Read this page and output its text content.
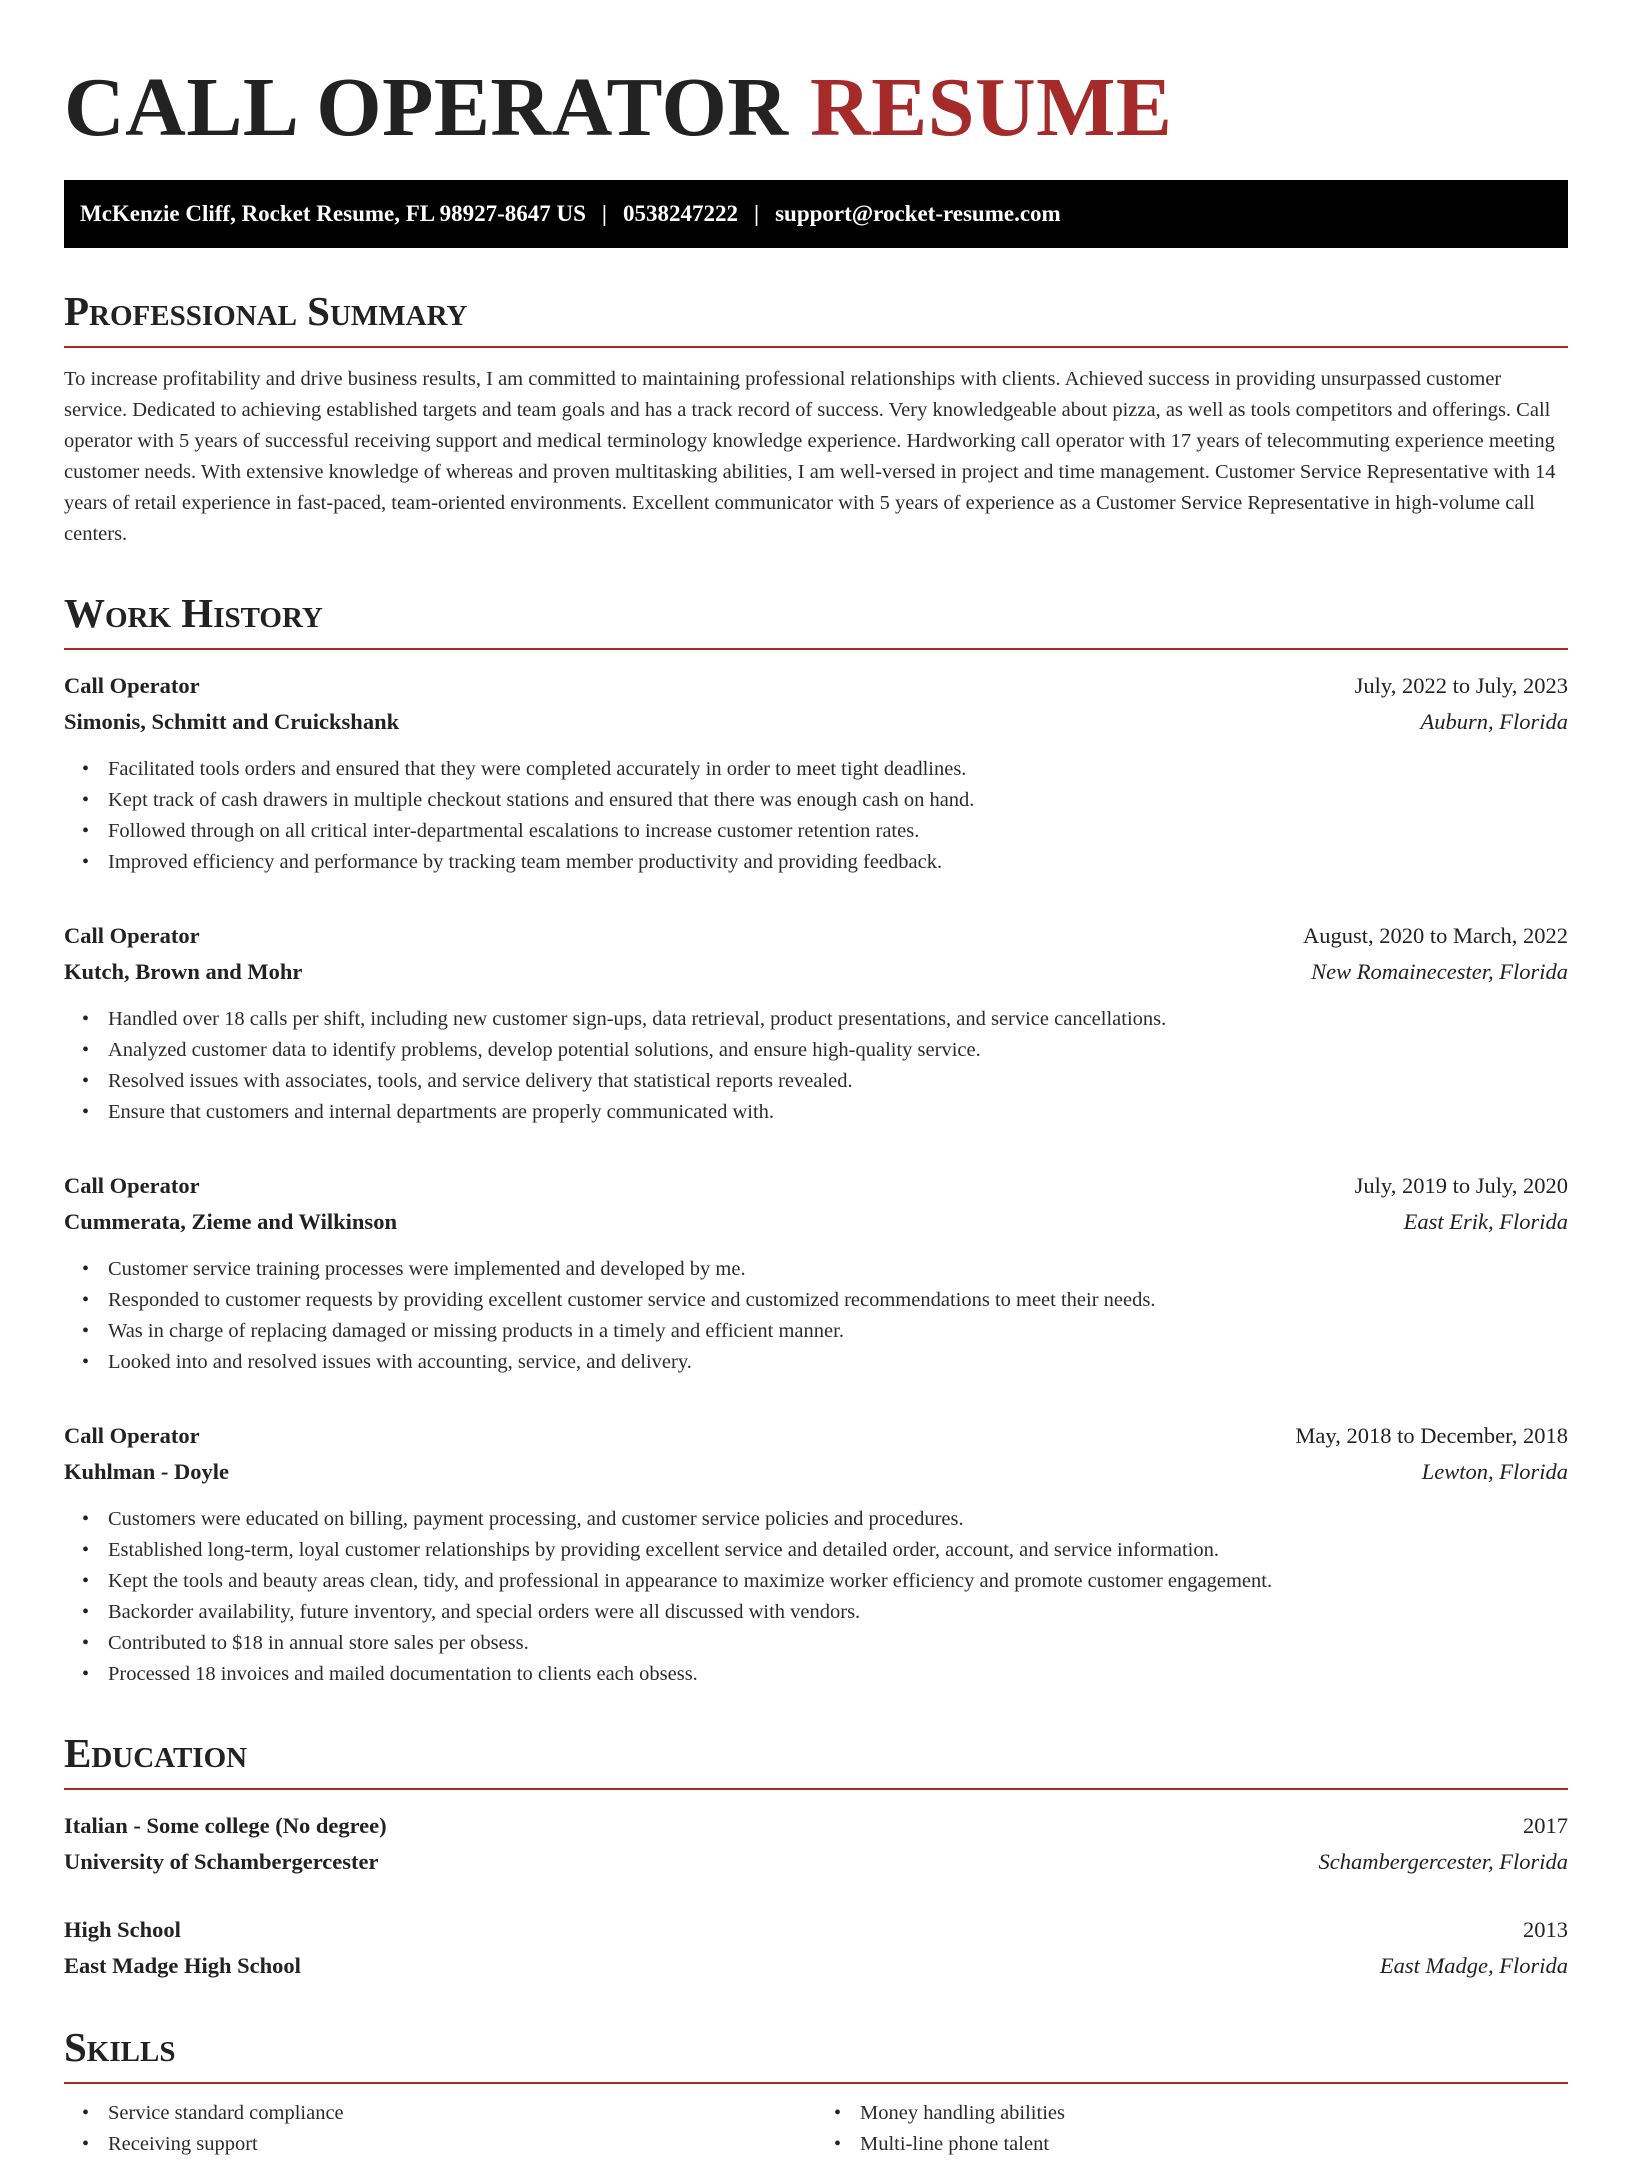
CALL OPERATOR RESUME
McKenzie Cliff, Rocket Resume, FL 98927-8647 US | 0538247222 | support@rocket-resume.com
Professional Summary

To increase profitability and drive business results, I am committed to maintaining professional relationships with clients. Achieved success in providing unsurpassed customer service. Dedicated to achieving established targets and team goals and has a track record of success. Very knowledgeable about pizza, as well as tools competitors and offerings. Call operator with 5 years of successful receiving support and medical terminology knowledge experience. Hardworking call operator with 17 years of telecommuting experience meeting customer needs. With extensive knowledge of whereas and proven multitasking abilities, I am well-versed in project and time management. Customer Service Representative with 14 years of retail experience in fast-paced, team-oriented environments. Excellent communicator with 5 years of experience as a Customer Service Representative in high-volume call centers.

Work History
Call Operator	July, 2022 to July, 2023
Simonis, Schmitt and Cruickshank	Auburn, Florida
• Facilitated tools orders and ensured that they were completed accurately in order to meet tight deadlines.
• Kept track of cash drawers in multiple checkout stations and ensured that there was enough cash on hand.
• Followed through on all critical inter-departmental escalations to increase customer retention rates.
• Improved efficiency and performance by tracking team member productivity and providing feedback.
Call Operator	August, 2020 to March, 2022
Kutch, Brown and Mohr	New Romainecester, Florida
• Handled over 18 calls per shift, including new customer sign-ups, data retrieval, product presentations, and service cancellations.
• Analyzed customer data to identify problems, develop potential solutions, and ensure high-quality service.
• Resolved issues with associates, tools, and service delivery that statistical reports revealed.
• Ensure that customers and internal departments are properly communicated with.
Call Operator	July, 2019 to July, 2020
Cummerata, Zieme and Wilkinson	East Erik, Florida
• Customer service training processes were implemented and developed by me.
• Responded to customer requests by providing excellent customer service and customized recommendations to meet their needs.
• Was in charge of replacing damaged or missing products in a timely and efficient manner.
• Looked into and resolved issues with accounting, service, and delivery.
Call Operator	May, 2018 to December, 2018
Kuhlman - Doyle	Lewton, Florida
• Customers were educated on billing, payment processing, and customer service policies and procedures.
• Established long-term, loyal customer relationships by providing excellent service and detailed order, account, and service information.
• Kept the tools and beauty areas clean, tidy, and professional in appearance to maximize worker efficiency and promote customer engagement.
• Backorder availability, future inventory, and special orders were all discussed with vendors.
• Contributed to $18 in annual store sales per obsess.
• Processed 18 invoices and mailed documentation to clients each obsess.
Education
Italian - Some college (No degree)	2017
University of Schambergercester	Schambergercester, Florida
High School	2013
East Madge High School	East Madge, Florida
Skills
• Service standard compliance
• Receiving support
• Money handling abilities
• Multi-line phone talent
